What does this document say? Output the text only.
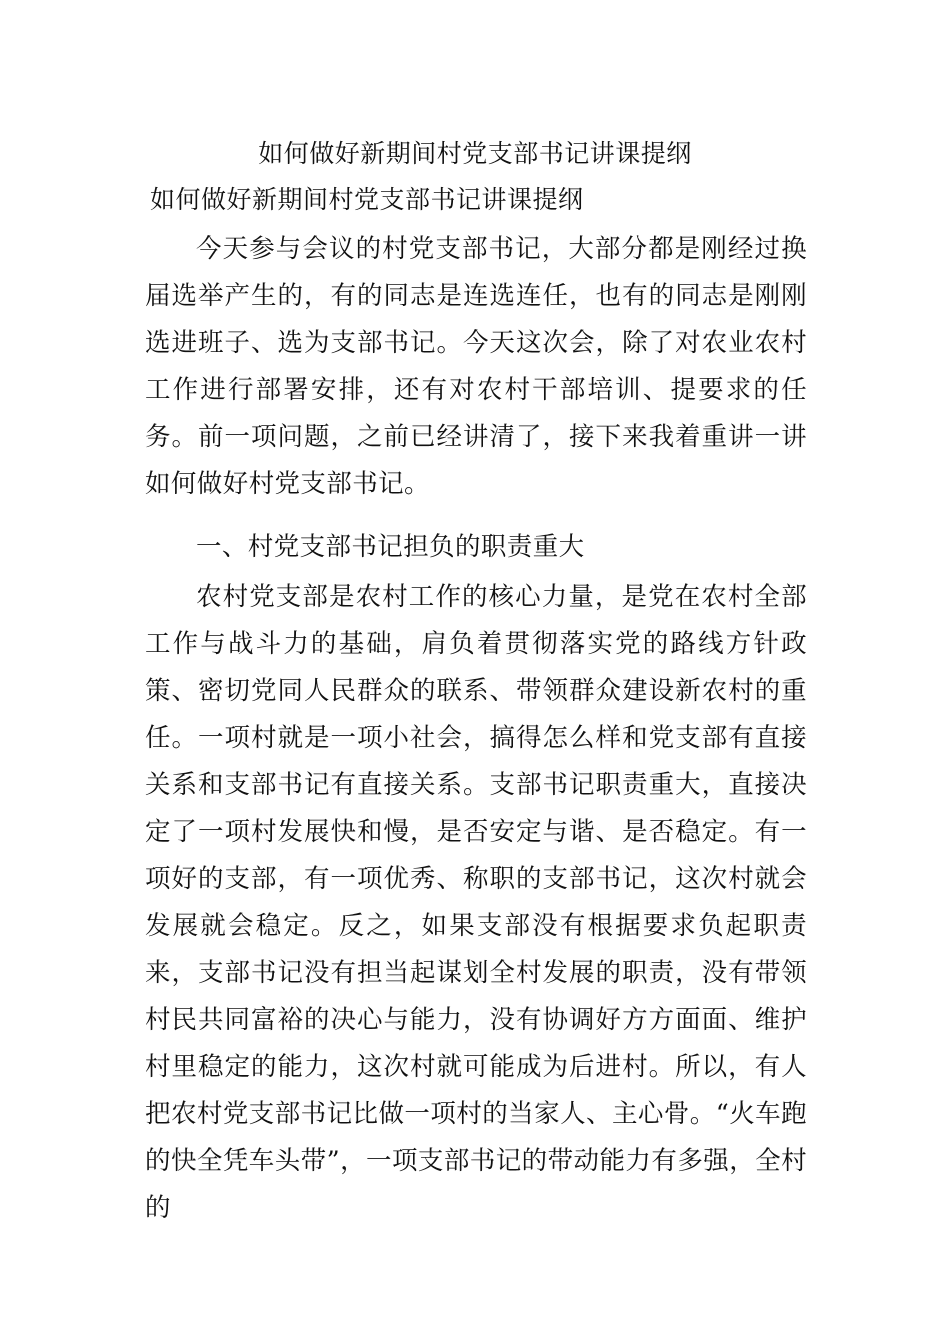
如何做好新期间村党支部书记讲课提纲
如何做好新期间村党支部书记讲课提纲

今天参与会议的村党支部书记，大部分都是刚经过换届选举产生的，有的同志是连选连任，也有的同志是刚刚选进班子、选为支部书记。今天这次会，除了对农业农村工作进行部署安排，还有对农村干部培训、提要求的任务。前一项问题，之前已经讲清了，接下来我着重讲一讲如何做好村党支部书记。

一、村党支部书记担负的职责重大

农村党支部是农村工作的核心力量，是党在农村全部工作与战斗力的基础，肩负着贯彻落实党的路线方针政策、密切党同人民群众的联系、带领群众建设新农村的重任。一项村就是一项小社会，搞得怎么样和党支部有直接关系和支部书记有直接关系。支部书记职责重大，直接决定了一项村发展快和慢，是否安定与谐、是否稳定。有一项好的支部，有一项优秀、称职的支部书记，这次村就会发展就会稳定。反之，如果支部没有根据要求负起职责来，支部书记没有担当起谋划全村发展的职责，没有带领村民共同富裕的决心与能力，没有协调好方方面面、维护村里稳定的能力，这次村就可能成为后进村。所以，有人把农村党支部书记比做一项村的当家人、主心骨。“火车跑的快全凭车头带”，一项支部书记的带动能力有多强，全村的
